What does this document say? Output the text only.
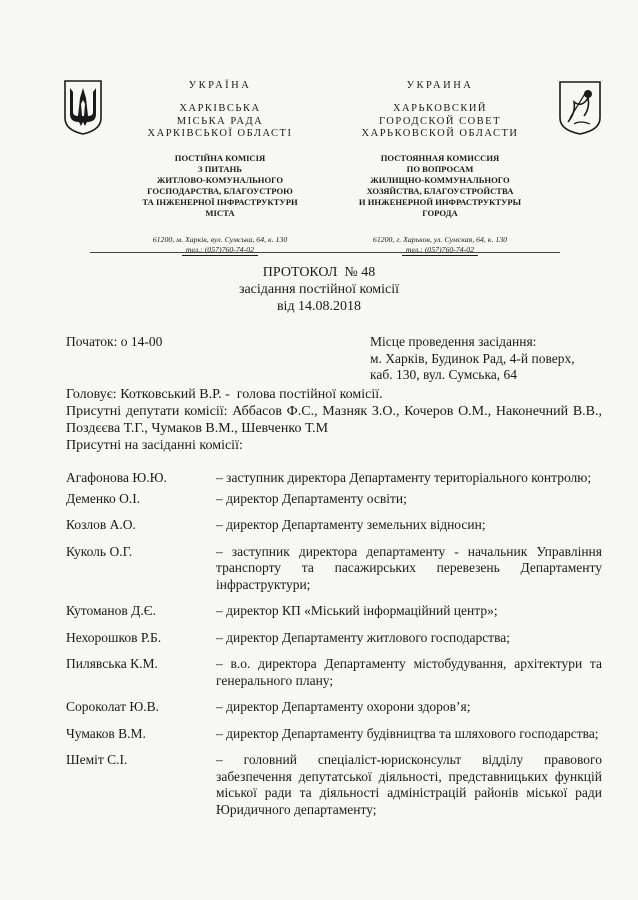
УКРАЇНА
ХАРКІВСЬКА
МІСЬКА РАДА
ХАРКІВСЬКОЇ ОБЛАСТІ
ПОСТІЙНА КОМІСІЯ
З ПИТАНЬ
ЖИТЛОВО-КОМУНАЛЬНОГО
ГОСПОДАРСТВА, БЛАГОУСТРОЮ
ТА ІНЖЕНЕРНОЇ ІНФРАСТРУКТУРИ
МІСТА
61200, м. Харків, вул. Сумська, 64, к. 130
тел.: (057)760-74-02
УКРАИНА
ХАРЬКОВСКИЙ
ГОРОДСКОЙ СОВЕТ
ХАРЬКОВСКОЙ ОБЛАСТИ
ПОСТОЯННАЯ КОМИССИЯ
ПО ВОПРОСАМ
ЖИЛИЩНО-КОММУНАЛЬНОГО
ХОЗЯЙСТВА, БЛАГОУСТРОЙСТВА
И ИНЖЕНЕРНОЙ ИНФРАСТРУКТУРЫ
ГОРОДА
61200, г. Харьков, ул. Сумская, 64, к. 130
тел.: (057)760-74-02
ПРОТОКОЛ  № 48
засідання постійної комісії
від 14.08.2018
Початок: о 14-00	Місце проведення засідання:
м. Харків, Будинок Рад, 4-й поверх,
каб. 130, вул. Сумська, 64

Головує: Котковський В.Р. -  голова постійної комісії.

Присутні депутати комісії: Аббасов Ф.С., Мазняк З.О., Кочеров О.М., Наконечний В.В., Поздєєва Т.Г., Чумаков В.М., Шевченко Т.М

Присутні на засіданні комісії:

Агафонова Ю.Ю.	– заступник директора Департаменту територіального контролю;
Деменко О.І.	– директор Департаменту освіти;
Козлов А.О.	– директор Департаменту земельних відносин;
Куколь О.Г.	– заступник директора департаменту - начальник Управління транспорту та пасажирських перевезень Департаменту інфраструктури;
Кутоманов Д.Є.	– директор КП «Міський інформаційний центр»;
Нехорошков Р.Б.	– директор Департаменту житлового господарства;
Пилявська К.М.	– в.о. директора Департаменту містобудування, архітектури та генерального плану;
Сороколат Ю.В.	– директор Департаменту охорони здоров’я;
Чумаков В.М.	– директор Департаменту будівництва та шляхового господарства;
Шеміт С.І.	– головний спеціаліст-юрисконсульт відділу правового забезпечення депутатської діяльності, представницьких функцій міської ради та діяльності адміністрацій районів міської ради Юридичного департаменту;
